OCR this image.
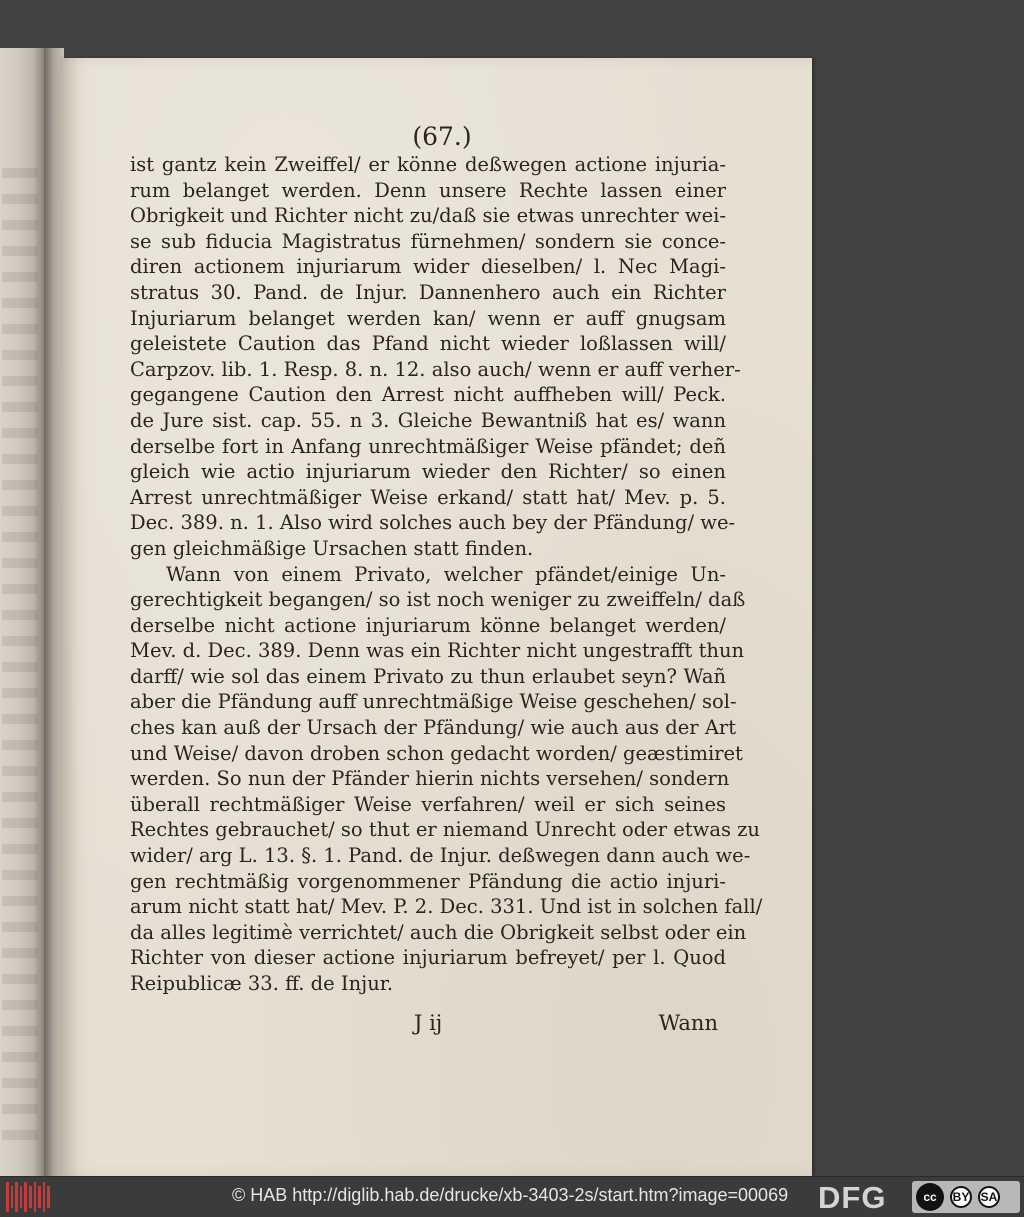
(67.)
ist gantz kein Zweiffel/ er könne deßwegen actione injuria-
rum belanget werden. Denn unsere Rechte lassen einer
Obrigkeit und Richter nicht zu/daß sie etwas unrechter wei-
se sub fiducia Magistratus fürnehmen/ sondern sie conce-
diren actionem injuriarum wider dieselben/ l. Nec Magi-
stratus 30. Pand. de Injur. Dannenhero auch ein Richter
Injuriarum belanget werden kan/ wenn er auff gnugsam
geleistete Caution das Pfand nicht wieder loßlassen will/
Carpzov. lib. 1. Resp. 8. n. 12. also auch/ wenn er auff verher-
gegangene Caution den Arrest nicht auffheben will/ Peck.
de Jure sist. cap. 55. n 3. Gleiche Bewantniß hat es/ wann
derselbe fort in Anfang unrechtmäßiger Weise pfändet; deñ
gleich wie actio injuriarum wieder den Richter/ so einen
Arrest unrechtmäßiger Weise erkand/ statt hat/ Mev. p. 5.
Dec. 389. n. 1. Also wird solches auch bey der Pfändung/ we-
gen gleichmäßige Ursachen statt finden.
Wann von einem Privato, welcher pfändet/einige Un-
gerechtigkeit begangen/ so ist noch weniger zu zweiffeln/ daß
derselbe nicht actione injuriarum könne belanget werden/
Mev. d. Dec. 389. Denn was ein Richter nicht ungestrafft thun
darff/ wie sol das einem Privato zu thun erlaubet seyn? Wañ
aber die Pfändung auff unrechtmäßige Weise geschehen/ sol-
ches kan auß der Ursach der Pfändung/ wie auch aus der Art
und Weise/ davon droben schon gedacht worden/ geæstimiret
werden. So nun der Pfänder hierin nichts versehen/ sondern
überall rechtmäßiger Weise verfahren/ weil er sich seines
Rechtes gebrauchet/ so thut er niemand Unrecht oder etwas zu
wider/ arg L. 13. §. 1. Pand. de Injur. deßwegen dann auch we-
gen rechtmäßig vorgenommener Pfändung die actio injuri-
arum nicht statt hat/ Mev. P. 2. Dec. 331. Und ist in solchen fall/
da alles legitimè verrichtet/ auch die Obrigkeit selbst oder ein
Richter von dieser actione injuriarum befreyet/ per l. Quod
Reipublicæ 33. ff. de Injur.
J ij	Wann
© HAB http://diglib.hab.de/drucke/xb-3403-2s/start.htm?image=00069 DFG	cc	BY SA
